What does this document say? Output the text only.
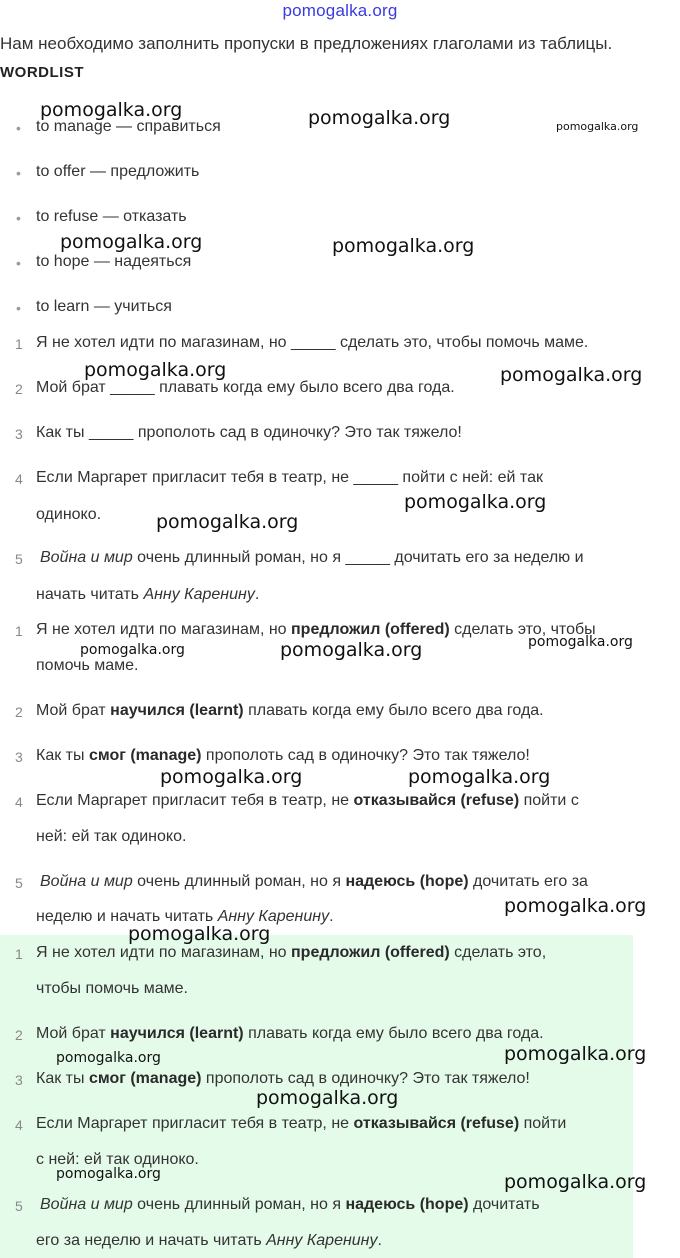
pomogalka.org
Нам необходимо заполнить пропуски в предложениях глаголами из таблицы.
WORDLIST
• to manage — справиться
• to offer — предложить
• to refuse — отказать
• to hope — надеяться
• to learn — учиться
1 Я не хотел идти по магазинам, но _____ сделать это, чтобы помочь маме.
2 Мой брат _____ плавать когда ему было всего два года.
3 Как ты _____ прополоть сад в одиночку? Это так тяжело!
4 Если Маргарет пригласит тебя в театр, не _____ пойти с ней: ей так
одиноко.
5 Война и мир очень длинный роман, но я _____ дочитать его за неделю и
начать читать Анну Каренину.
1 Я не хотел идти по магазинам, но предложил (offered) сделать это, чтобы
помочь маме.
2 Мой брат научился (learnt) плавать когда ему было всего два года.
3 Как ты смог (manage) прополоть сад в одиночку? Это так тяжело!
4 Если Маргарет пригласит тебя в театр, не отказывайся (refuse) пойти с
ней: ей так одиноко.
5 Война и мир очень длинный роман, но я надеюсь (hope) дочитать его за
неделю и начать читать Анну Каренину.
1 Я не хотел идти по магазинам, но предложил (offered) сделать это,
чтобы помочь маме.
2 Мой брат научился (learnt) плавать когда ему было всего два года.
3 Как ты смог (manage) прополоть сад в одиночку? Это так тяжело!
4 Если Маргарет пригласит тебя в театр, не отказывайся (refuse) пойти
с ней: ей так одиноко.
5 Война и мир очень длинный роман, но я надеюсь (hope) дочитать
его за неделю и начать читать Анну Каренину.
pomogalka.org	pomogalka.org	pomogalka.org
pomogalka.org	pomogalka.org
pomogalka.org	pomogalka.org
pomogalka.org
pomogalka.org
pomogalka.org	pomogalka.org	pomogalka.org
pomogalka.org	pomogalka.org
pomogalka.org
pomogalka.org
pomogalka.org	pomogalka.org
pomogalka.org
pomogalka.org	pomogalka.org
